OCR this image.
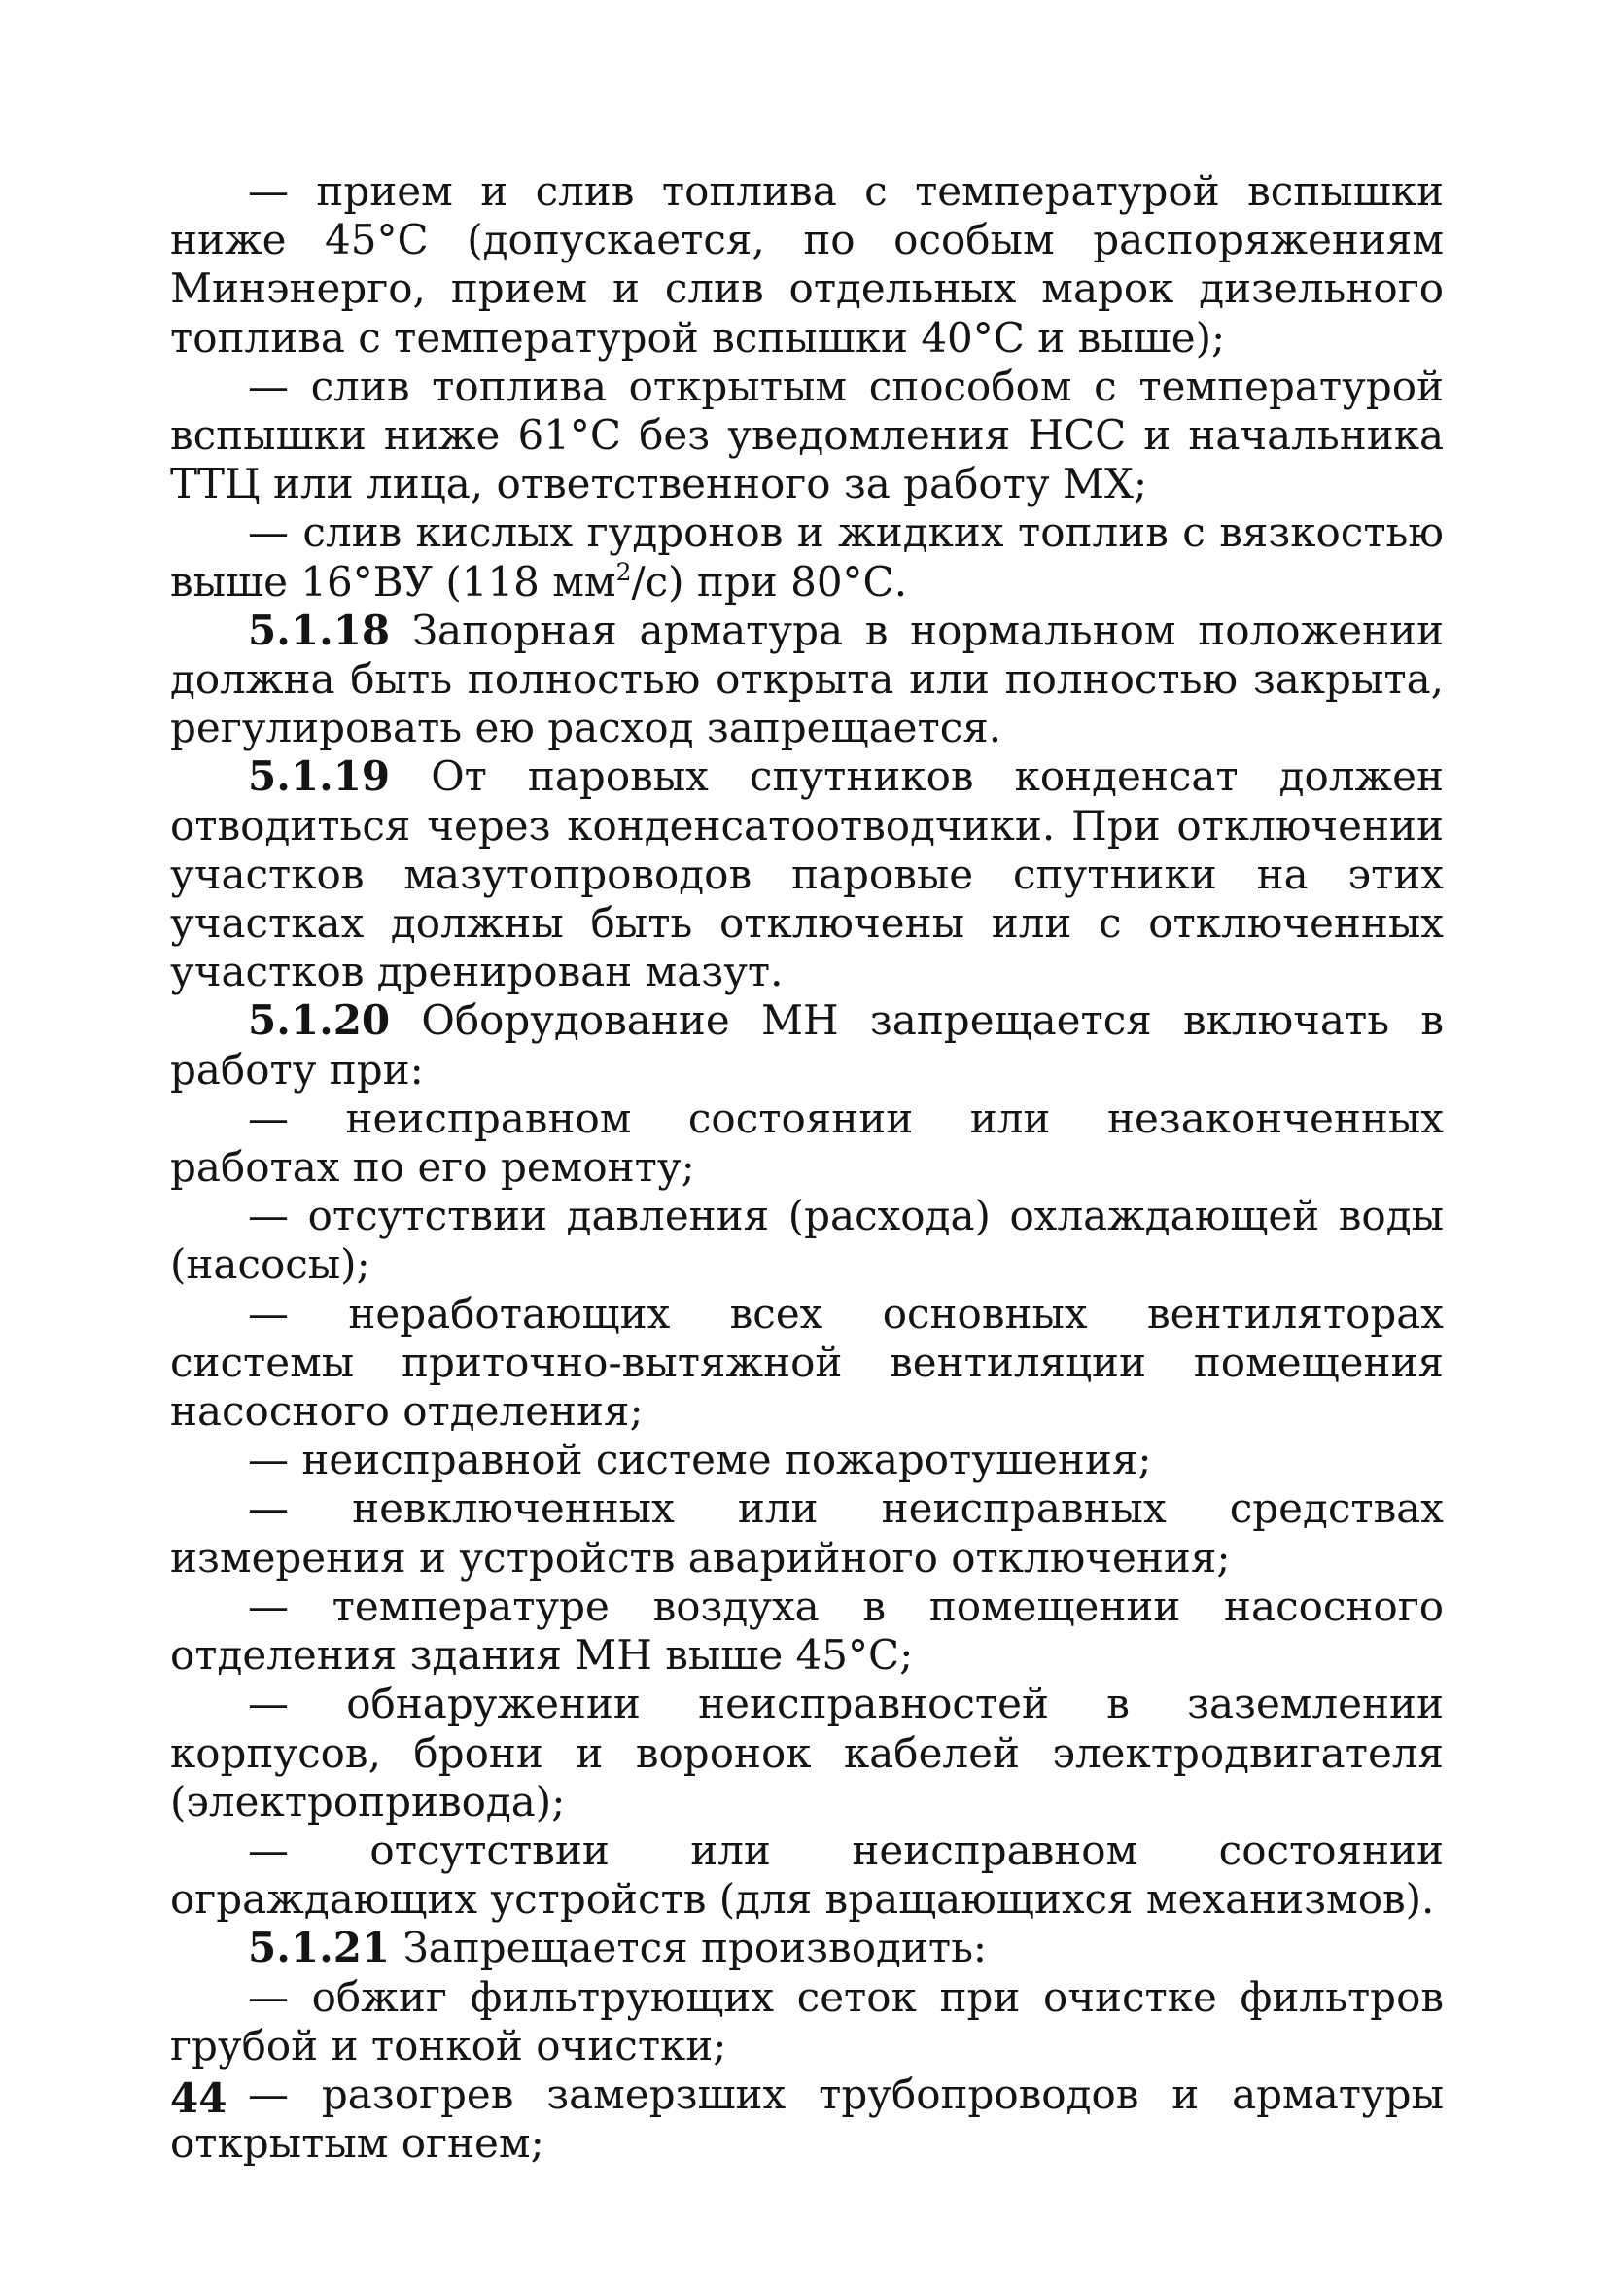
— прием и слив топлива с температурой вспышки ниже 45°С (допускается, по особым распоряжениям Минэнерго, прием и слив отдельных марок дизельного топлива с температурой вспышки 40°С и выше);

— слив топлива открытым способом с температурой вспышки ниже 61°С без уведомления НСС и начальника ТТЦ или лица, ответственного за работу МХ;

— слив кислых гудронов и жидких топлив с вязкостью выше 16°ВУ (118 $мм^2/с$) при 80°С.

5.1.18 Запорная арматура в нормальном положении должна быть полностью открыта или полностью закрыта, регулировать ею расход запрещается.

5.1.19 От паровых спутников конденсат должен отводиться через конденсатоотводчики. При отключении участков мазутопроводов паровые спутники на этих участках должны быть отключены или с отключенных участков дренирован мазут.

5.1.20 Оборудование МН запрещается включать в работу при:

— неисправном состоянии или незаконченных работах по его ремонту;

— отсутствии давления (расхода) охлаждающей воды (насосы);

— неработающих всех основных вентиляторах системы приточно-вытяжной вентиляции помещения насосного отделения;

— неисправной системе пожаротушения;

— невключенных или неисправных средствах измерения и устройств аварийного отключения;

— температуре воздуха в помещении насосного отделения здания МН выше 45°С;

— обнаружении неисправностей в заземлении корпусов, брони и воронок кабелей электродвигателя (электропривода);

— отсутствии или неисправном состоянии ограждающих устройств (для вращающихся механизмов).

5.1.21 Запрещается производить:

— обжиг фильтрующих сеток при очистке фильтров грубой и тонкой очистки;

— разогрев замерзших трубопроводов и арматуры открытым огнем;

44
